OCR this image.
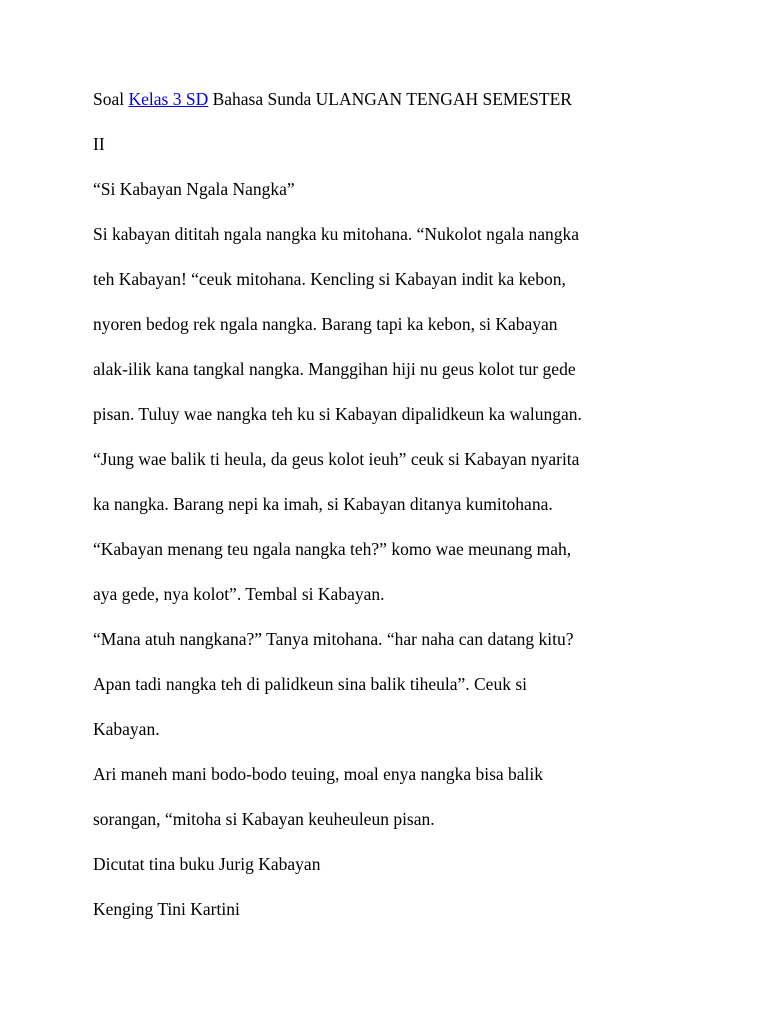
Soal Kelas 3 SD Bahasa Sunda ULANGAN TENGAH SEMESTER
II
“Si Kabayan Ngala Nangka”
Si kabayan dititah ngala nangka ku mitohana. “Nukolot ngala nangka
teh Kabayan! “ceuk mitohana. Kencling si Kabayan indit ka kebon,
nyoren bedog rek ngala nangka. Barang tapi ka kebon, si Kabayan
alak-ilik kana tangkal nangka. Manggihan hiji nu geus kolot tur gede
pisan. Tuluy wae nangka teh ku si Kabayan dipalidkeun ka walungan.
“Jung wae balik ti heula, da geus kolot ieuh” ceuk si Kabayan nyarita
ka nangka. Barang nepi ka imah, si Kabayan ditanya kumitohana.
“Kabayan menang teu ngala nangka teh?” komo wae meunang mah,
aya gede, nya kolot”. Tembal si Kabayan.
“Mana atuh nangkana?” Tanya mitohana. “har naha can datang kitu?
Apan tadi nangka teh di palidkeun sina balik tiheula”. Ceuk si
Kabayan.
Ari maneh mani bodo-bodo teuing, moal enya nangka bisa balik
sorangan, “mitoha si Kabayan keuheuleun pisan.
Dicutat tina buku Jurig Kabayan
Kenging Tini Kartini
